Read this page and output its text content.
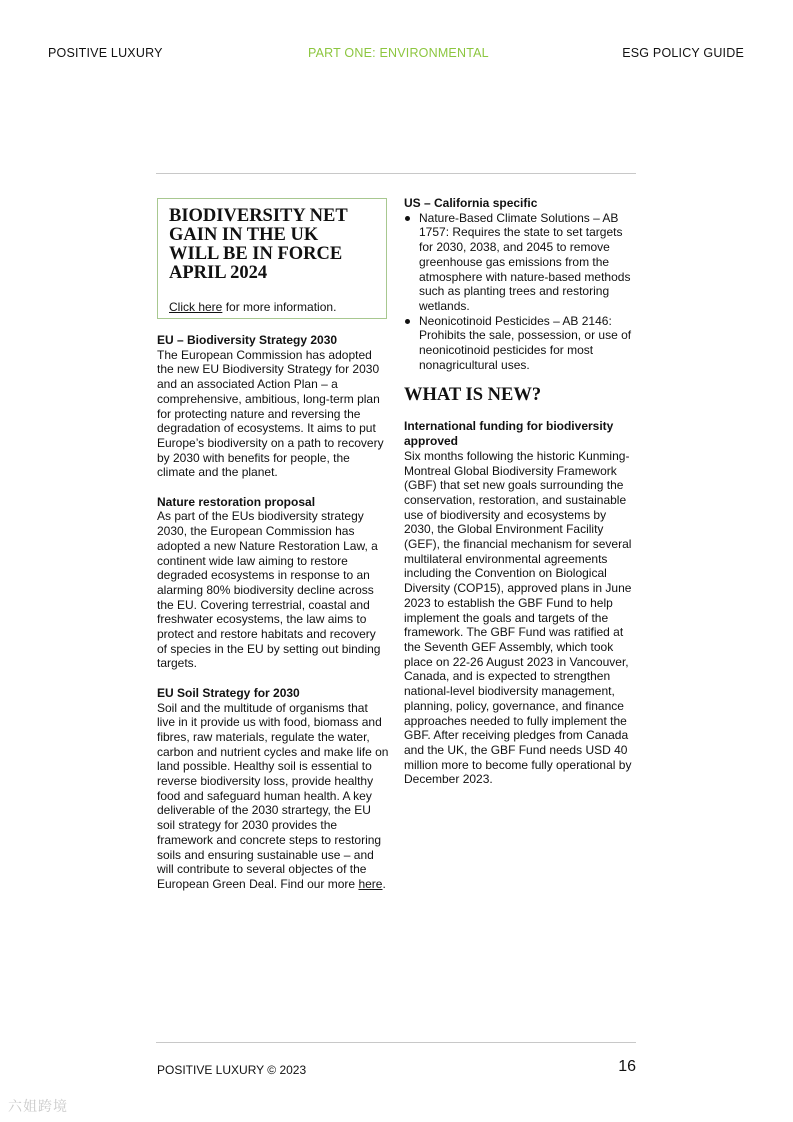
POSITIVE LUXURY	PART ONE: ENVIRONMENTAL	ESG POLICY GUIDE
BIODIVERSITY NET GAIN IN THE UK WILL BE IN FORCE APRIL 2024
Click here for more information.

EU – Biodiversity Strategy 2030

The European Commission has adopted the new EU Biodiversity Strategy for 2030 and an associated Action Plan – a comprehensive, ambitious, long-term plan for protecting nature and reversing the degradation of ecosystems. It aims to put Europe’s biodiversity on a path to recovery by 2030 with benefits for people, the climate and the planet.

Nature restoration proposal

As part of the EUs biodiversity strategy 2030, the European Commission has adopted a new Nature Restoration Law, a continent wide law aiming to restore degraded ecosystems in response to an alarming 80% biodiversity decline across the EU. Covering terrestrial, coastal and freshwater ecosystems, the law aims to protect and restore habitats and recovery of species in the EU by setting out binding targets.

EU Soil Strategy for 2030

Soil and the multitude of organisms that live in it provide us with food, biomass and fibres, raw materials, regulate the water, carbon and nutrient cycles and make life on land possible. Healthy soil is essential to reverse biodiversity loss, provide healthy food and safeguard human health. A key deliverable of the 2030 strartegy, the EU soil strategy for 2030 provides the framework and concrete steps to restoring soils and ensuring sustainable use – and will contribute to several objectes of the European Green Deal. Find our more here.

US – California specific

Nature-Based Climate Solutions – AB 1757: Requires the state to set targets for 2030, 2038, and 2045 to remove greenhouse gas emissions from the atmosphere with nature-based methods such as planting trees and restoring wetlands.
Neonicotinoid Pesticides – AB 2146: Prohibits the sale, possession, or use of neonicotinoid pesticides for most nonagricultural uses.
WHAT IS NEW?

International funding for biodiversity approved

Six months following the historic Kunming-Montreal Global Biodiversity Framework (GBF) that set new goals surrounding the conservation, restoration, and sustainable use of biodiversity and ecosystems by 2030, the Global Environment Facility (GEF), the financial mechanism for several multilateral environmental agreements including the Convention on Biological Diversity (COP15), approved plans in June 2023 to establish the GBF Fund to help implement the goals and targets of the framework. The GBF Fund was ratified at the Seventh GEF Assembly, which took place on 22-26 August 2023 in Vancouver, Canada, and is expected to strengthen national-level biodiversity management, planning, policy, governance, and finance approaches needed to fully implement the GBF. After receiving pledges from Canada and the UK, the GBF Fund needs USD 40 million more to become fully operational by December 2023.

POSITIVE LUXURY © 2023	16
六姐跨境
